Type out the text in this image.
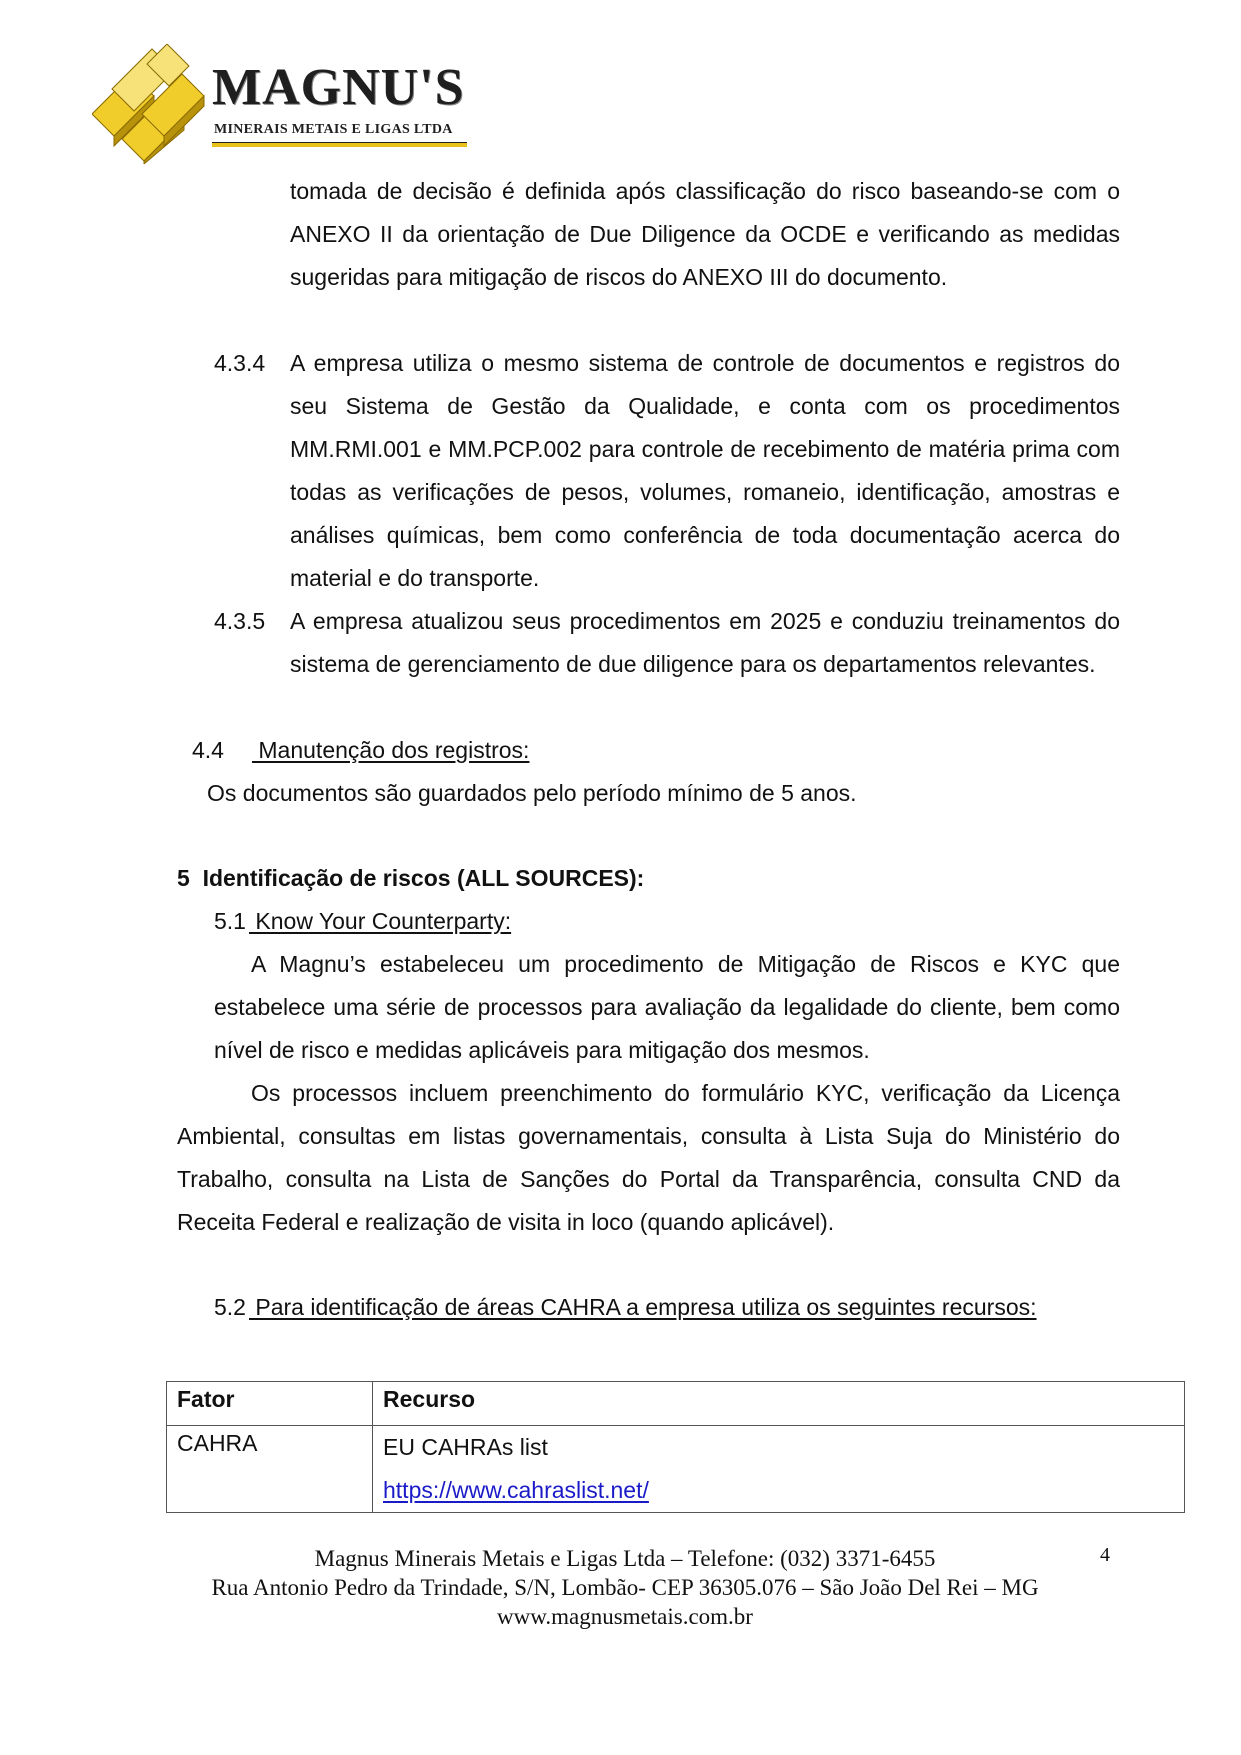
MAGNU'S
MINERAIS METAIS E LIGAS LTDA
tomada de decisão é definida após classificação do risco baseando-se com o ANEXO II da orientação de Due Diligence da OCDE e verificando as medidas sugeridas para mitigação de riscos do ANEXO III do documento.
4.3.4 A empresa utiliza o mesmo sistema de controle de documentos e registros do seu Sistema de Gestão da Qualidade, e conta com os procedimentos MM.RMI.001 e MM.PCP.002 para controle de recebimento de matéria prima com todas as verificações de pesos, volumes, romaneio, identificação, amostras e análises químicas, bem como conferência de toda documentação acerca do material e do transporte.
4.3.5 A empresa atualizou seus procedimentos em 2025 e conduziu treinamentos do sistema de gerenciamento de due diligence para os departamentos relevantes.
4.4 Manutenção dos registros:
Os documentos são guardados pelo período mínimo de 5 anos.
5  Identificação de riscos (ALL SOURCES):
5.1 Know Your Counterparty:
A Magnu’s estabeleceu um procedimento de Mitigação de Riscos e KYC que estabelece uma série de processos para avaliação da legalidade do cliente, bem como nível de risco e medidas aplicáveis para mitigação dos mesmos.
Os processos incluem preenchimento do formulário KYC, verificação da Licença Ambiental, consultas em listas governamentais, consulta à Lista Suja do Ministério do Trabalho, consulta na Lista de Sanções do Portal da Transparência, consulta CND da Receita Federal e realização de visita in loco (quando aplicável).
5.2 Para identificação de áreas CAHRA a empresa utiliza os seguintes recursos:
Fator	Recurso
CAHRA	EU CAHRAs list
https://www.cahraslist.net/
Magnus Minerais Metais e Ligas Ltda – Telefone: (032) 3371-6455
Rua Antonio Pedro da Trindade, S/N, Lombão- CEP 36305.076 – São João Del Rei – MG
www.magnusmetais.com.br
4
